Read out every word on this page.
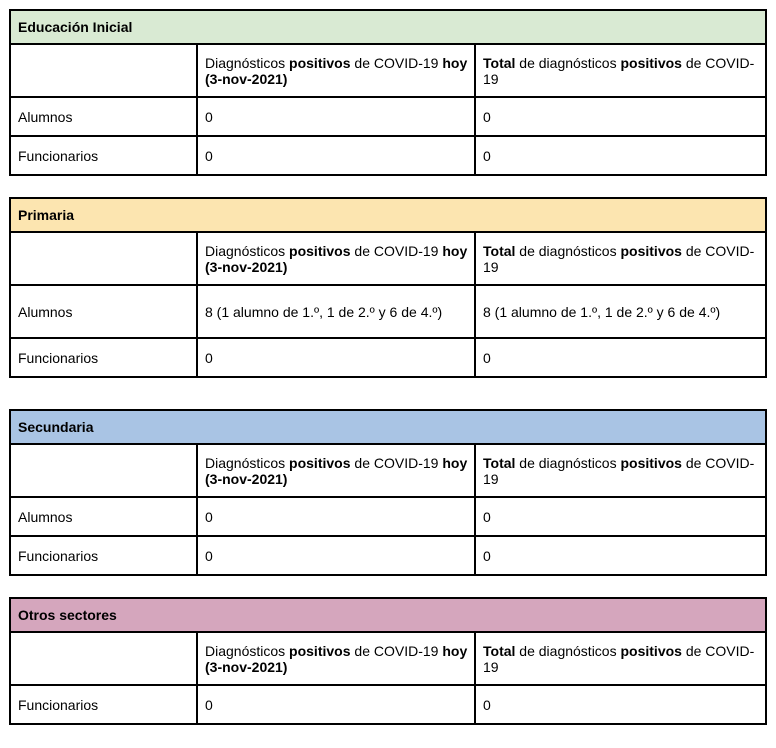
Educación Inicial		
	Diagnósticos positivos de COVID-19 hoy (3-nov-2021)	Total de diagnósticos positivos de COVID-19
Alumnos	0	0
Funcionarios	0	0
Primaria		
	Diagnósticos positivos de COVID-19 hoy (3-nov-2021)	Total de diagnósticos positivos de COVID-19
Alumnos	8 (1 alumno de 1.º, 1 de 2.º y 6 de 4.º)	8 (1 alumno de 1.º, 1 de 2.º y 6 de 4.º)
Funcionarios	0	0
Secundaria		
	Diagnósticos positivos de COVID-19 hoy (3-nov-2021)	Total de diagnósticos positivos de COVID-19
Alumnos	0	0
Funcionarios	0	0
Otros sectores		
	Diagnósticos positivos de COVID-19 hoy (3-nov-2021)	Total de diagnósticos positivos de COVID-19
Funcionarios	0	0
